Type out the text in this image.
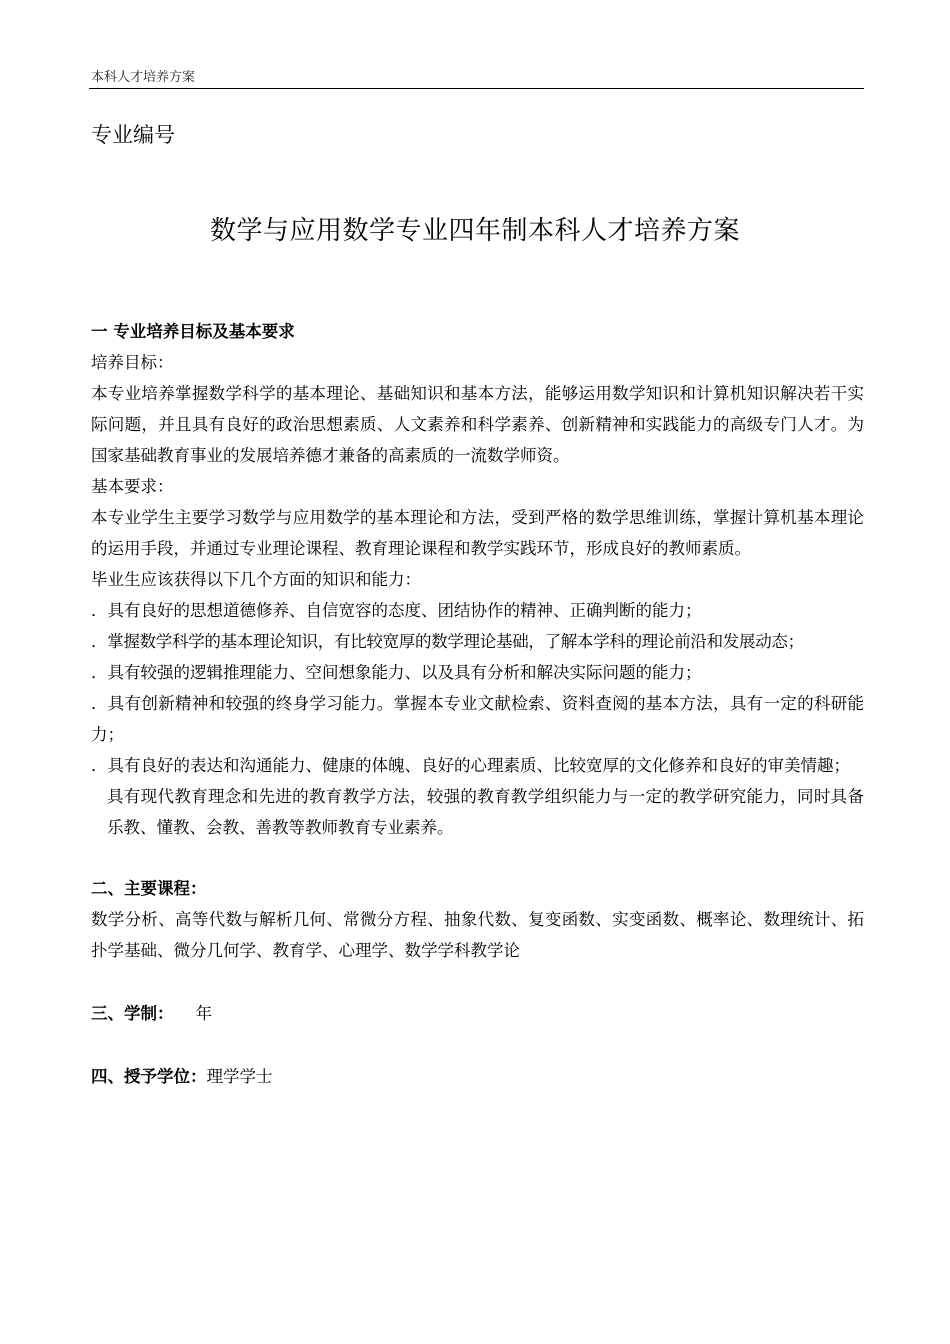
本科人才培养方案
专业编号
数学与应用数学专业四年制本科人才培养方案

一 专业培养目标及基本要求

培养目标：

本专业培养掌握数学科学的基本理论、基础知识和基本方法，能够运用数学知识和计算机知识解决若干实际问题，并且具有良好的政治思想素质、人文素养和科学素养、创新精神和实践能力的高级专门人才。为国家基础教育事业的发展培养德才兼备的高素质的一流数学师资。

基本要求：

本专业学生主要学习数学与应用数学的基本理论和方法，受到严格的数学思维训练，掌握计算机基本理论的运用手段，并通过专业理论课程、教育理论课程和教学实践环节，形成良好的教师素质。

毕业生应该获得以下几个方面的知识和能力：

．具有良好的思想道德修养、自信宽容的态度、团结协作的精神、正确判断的能力；

．掌握数学科学的基本理论知识，有比较宽厚的数学理论基础，了解本学科的理论前沿和发展动态；

．具有较强的逻辑推理能力、空间想象能力、以及具有分析和解决实际问题的能力；

．具有创新精神和较强的终身学习能力。掌握本专业文献检索、资料查阅的基本方法，具有一定的科研能力；

．具有良好的表达和沟通能力、健康的体魄、良好的心理素质、比较宽厚的文化修养和良好的审美情趣；

具有现代教育理念和先进的教育教学方法，较强的教育教学组织能力与一定的教学研究能力，同时具备乐教、懂教、会教、善教等教师教育专业素养。

二、主要课程：

数学分析、高等代数与解析几何、常微分方程、抽象代数、复变函数、实变函数、概率论、数理统计、拓扑学基础、微分几何学、教育学、心理学、数学学科教学论

三、学制： 年

四、授予学位：理学学士
